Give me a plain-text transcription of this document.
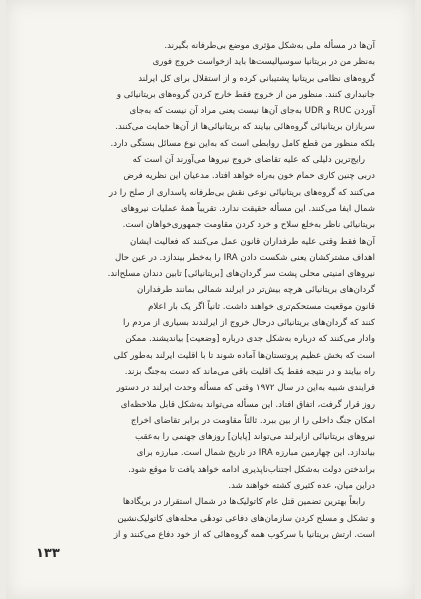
آن‌ها در مسأله ملی به‌شکل مؤثری موضع بی‌طرفانه بگیرند.
به‌نظر من در بریتانیا سوسیالیست‌ها باید ازخواست خروج فوری
گروه‌های نظامی بریتانیا پشتیبانی کرده و از استقلال برای کل ایرلند
جانبداری کنند. منظور من از خروج فقط خارج کردن گروه‌های بریتانیائی و
آوردن RUC و UDR به‌جای آن‌ها نیست یعنی مراد آن نیست که به‌جای
سربازان بریتانیائی گروه‌هائی بیایند که بریتانیائی‌ها از آن‌ها حمایت می‌کنند.
بلکه منظور من قطع کامل روابطی است که به‌این نوع مسائل بستگی دارد.

رایج‌ترین دلیلی که علیه تقاضای خروج نیروها می‌آورند آن است که
دربی چنین کاری حمام خون به‌راه خواهد افتاد. مدعیان این نظریه فرض
می‌کنند که گروه‌های بریتانیائی نوعی نقش بی‌طرفانه پاسداری از صلح را در
شمال ایفا می‌کنند. این مسأله حقیقت ندارد. تقریباً همهٔ عملیات نیروهای
بریتانیائی ناظر به‌خلع سلاح و خرد کردن مقاومت جمهوری‌خواهان است.
آن‌ها فقط وقتی علیه طرفداران قانون عمل می‌کنند که فعالیت ایشان
اهداف مشترکشان یعنی شکست دادن IRA را به‌خطر بیندازد. در عین حال
نیروهای امنیتی محلی پشت سر گردان‌های [بریتانیائی] تابین دندان مسلح‌اند.
گردان‌های بریتانیائی هرچه بیش‌تر در ایرلند شمالی بمانند طرفداران
قانون موقعیت مستحکم‌تری خواهند داشت. ثانیاً اگر یک بار اعلام
کنند که گردان‌های بریتانیائی درحال خروج از ایرلند‌ند بسیاری از مردم را
وادار می‌کنند که درباره به‌شکل جدی درباره [وضعیت] بیاندیشند. ممکن
است که بخش عظیم پروتستان‌ها آماده شوند تا با اقلیت ایرلند به‌طور کلی
راه بیایند و در نتیجه فقط یک اقلیت باقی می‌ماند که دست به‌جنگ بزند.
فرایندی شبیه به‌این در سال ۱۹۷۲ وقتی که مسأله وحدت ایرلند در دستور
روز قرار گرفت، اتفاق افتاد. این مسأله می‌تواند به‌شکل قابل ملاحظه‌ای
امکان جنگ داخلی را از بین ببرد. ثالثاً مقاومت در برابر تقاضای اخراج
نیروهای بریتانیائی ازایرلند می‌تواند [پایان] روزهای جهنمی را به‌عقب
بیاندازد. این چهارمین مبارزه IRA در تاریخ شمال است. مبارزه برای
براندختن دولت به‌شکل اجتناب‌ناپذیری ادامه خواهد یافت تا موقع شود.
دراین میان، عده کثیری کشته خواهند شد.

رابعاً بهترین تضمین قتل عام کاتولیک‌ها در شمال استقرار در بریگادها
و تشکل و مسلح کردن سازمان‌های دفاعی تودهٔی محله‌های کاتولیک‌نشین
است. ارتش بریتانیا با سرکوب همه گروه‌هائی که از خود دفاع می‌کنند و از

۱۳۳
